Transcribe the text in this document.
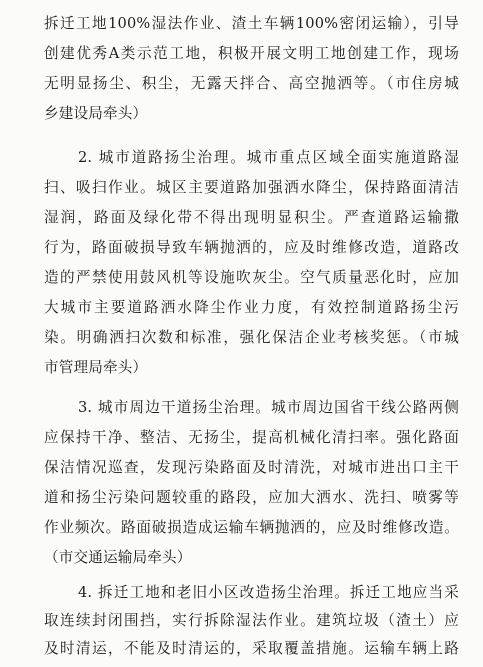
拆迁工地100%湿法作业、渣土车辆100%密闭运输），引导
创建优秀A类示范工地，积极开展文明工地创建工作，现场
无明显扬尘、积尘，无露天拌合、高空抛洒等。（市住房城
乡建设局牵头）
2. 城市道路扬尘治理。城市重点区域全面实施道路湿
扫、吸扫作业。城区主要道路加强洒水降尘，保持路面清洁
湿润，路面及绿化带不得出现明显积尘。严查道路运输撒
行为，路面破损导致车辆抛洒的，应及时维修改造，道路改
造的严禁使用鼓风机等设施吹灰尘。空气质量恶化时，应加
大城市主要道路洒水降尘作业力度，有效控制道路扬尘污
染。明确洒扫次数和标准，强化保洁企业考核奖惩。（市城
市管理局牵头）
3. 城市周边干道扬尘治理。城市周边国省干线公路两侧
应保持干净、整洁、无扬尘，提高机械化清扫率。强化路面
保洁情况巡查，发现污染路面及时清洗，对城市进出口主干
道和扬尘污染问题较重的路段，应加大洒水、洗扫、喷雾等
作业频次。路面破损造成运输车辆抛洒的，应及时维修改造。
（市交通运输局牵头）
4. 拆迁工地和老旧小区改造扬尘治理。拆迁工地应当采
取连续封闭围挡，实行拆除湿法作业。建筑垃圾（渣土）应
及时清运，不能及时清运的，采取覆盖措施。运输车辆上路
